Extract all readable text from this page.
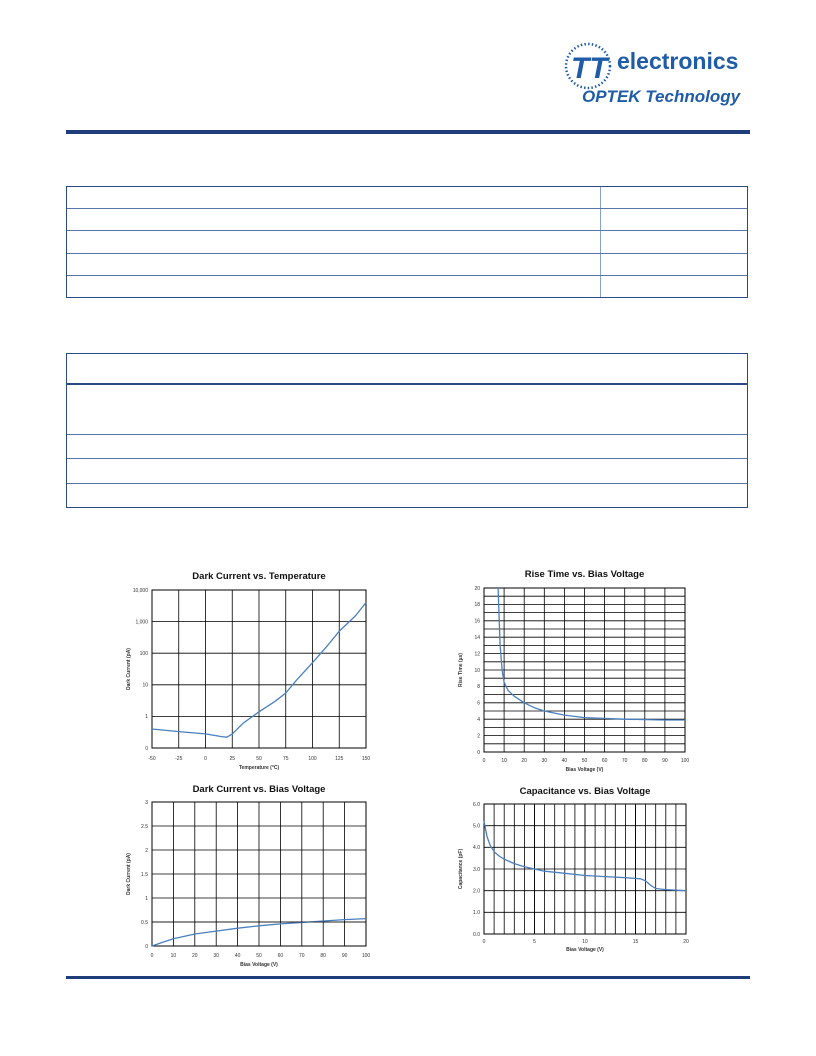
TT electronics
OPTEK Technology
Dark Current vs. Temperature
-50	-25	0	25	50	75	100	125	150
0
1
10
100
1,000
10,000
Temperature (°C)
Dark Current (pA)
Rise Time vs. Bias Voltage
0	10	20	30	40	50	60	70	80	90	100
0
2
4
6
8
10
12
14
16
18
20
Bias Voltage (V)
Rise Time (µs)
Dark Current vs. Bias Voltage
0	10	20	30	40	50	60	70	80	90	100
0
0.5
1
1.5
2
2.5
3
Bias Voltage (V)
Dark Current (pA)
Capacitance vs. Bias Voltage
0	5	10	15	20
0.0
1.0
2.0
3.0
4.0
5.0
6.0
Bias Voltage (V)
Capacitance (pF)
